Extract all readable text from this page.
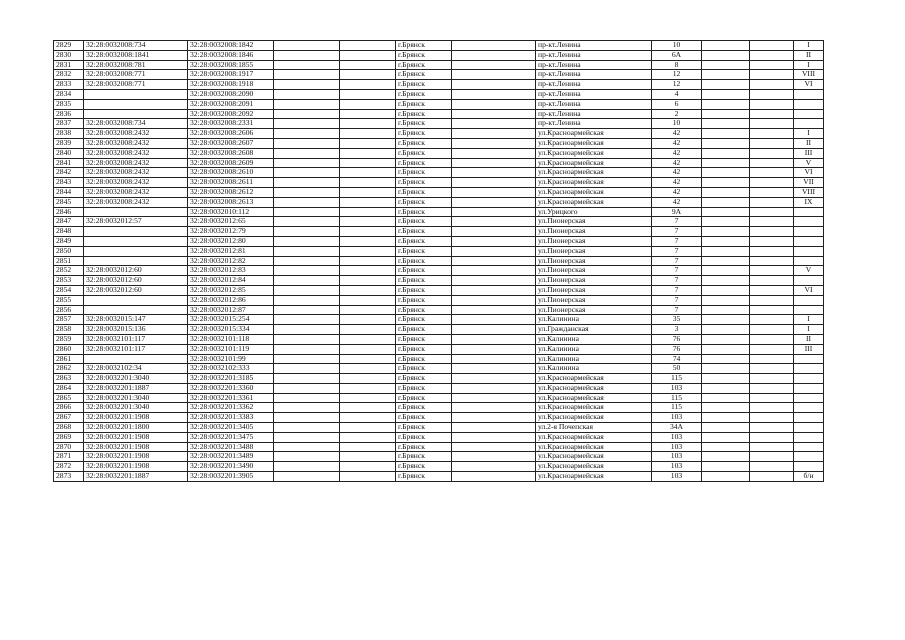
2829	32:28:0032008:734	32:28:0032008:1842			г.Брянск		пр-кт.Ленина	10			I
2830	32:28:0032008:1841	32:28:0032008:1846			г.Брянск		пр-кт.Ленина	6А			II
2831	32:28:0032008:781	32:28:0032008:1855			г.Брянск		пр-кт.Ленина	8			I
2832	32:28:0032008:771	32:28:0032008:1917			г.Брянск		пр-кт.Ленина	12			VIII
2833	32:28:0032008:771	32:28:0032008:1918			г.Брянск		пр-кт.Ленина	12			VI
2834		32:28:0032008:2090			г.Брянск		пр-кт.Ленина	4			
2835		32:28:0032008:2091			г.Брянск		пр-кт.Ленина	6			
2836		32:28:0032008:2092			г.Брянск		пр-кт.Ленина	2			
2837	32:28:0032008:734	32:28:0032008:2331			г.Брянск		пр-кт.Ленина	10			
2838	32:28:0032008:2432	32:28:0032008:2606			г.Брянск		ул.Красноармейская	42			I
2839	32:28:0032008:2432	32:28:0032008:2607			г.Брянск		ул.Красноармейская	42			II
2840	32:28:0032008:2432	32:28:0032008:2608			г.Брянск		ул.Красноармейская	42			III
2841	32:28:0032008:2432	32:28:0032008:2609			г.Брянск		ул.Красноармейская	42			V
2842	32:28:0032008:2432	32:28:0032008:2610			г.Брянск		ул.Красноармейская	42			VI
2843	32:28:0032008:2432	32:28:0032008:2611			г.Брянск		ул.Красноармейская	42			VII
2844	32:28:0032008:2432	32:28:0032008:2612			г.Брянск		ул.Красноармейская	42			VIII
2845	32:28:0032008:2432	32:28:0032008:2613			г.Брянск		ул.Красноармейская	42			IX
2846		32:28:0032010:112			г.Брянск		ул.Урицкого	9А			
2847	32:28:0032012:57	32:28:0032012:65			г.Брянск		ул.Пионерская	7			
2848		32:28:0032012:79			г.Брянск		ул.Пионерская	7			
2849		32:28:0032012:80			г.Брянск		ул.Пионерская	7			
2850		32:28:0032012:81			г.Брянск		ул.Пионерская	7			
2851		32:28:0032012:82			г.Брянск		ул.Пионерская	7			
2852	32:28:0032012:60	32:28:0032012:83			г.Брянск		ул.Пионерская	7			V
2853	32:28:0032012:60	32:28:0032012:84			г.Брянск		ул.Пионерская	7			
2854	32:28:0032012:60	32:28:0032012:85			г.Брянск		ул.Пионерская	7			VI
2855		32:28:0032012:86			г.Брянск		ул.Пионерская	7			
2856		32:28:0032012:87			г.Брянск		ул.Пионерская	7			
2857	32:28:0032015:147	32:28:0032015:254			г.Брянск		ул.Калинина	35			I
2858	32:28:0032015:136	32:28:0032015:334			г.Брянск		ул.Гражданская	3			I
2859	32:28:0032101:117	32:28:0032101:118			г.Брянск		ул.Калинина	76			II
2860	32:28:0032101:117	32:28:0032101:119			г.Брянск		ул.Калинина	76			III
2861		32:28:0032101:99			г.Брянск		ул.Калинина	74			
2862	32:28:0032102:34	32:28:0032102:333			г.Брянск		ул.Калинина	50			
2863	32:28:0032201:3040	32:28:0032201:3185			г.Брянск		ул.Красноармейская	115			
2864	32:28:0032201:1887	32:28:0032201:3360			г.Брянск		ул.Красноармейская	103			
2865	32:28:0032201:3040	32:28:0032201:3361			г.Брянск		ул.Красноармейская	115			
2866	32:28:0032201:3040	32:28:0032201:3362			г.Брянск		ул.Красноармейская	115			
2867	32:28:0032201:1908	32:28:0032201:3383			г.Брянск		ул.Красноармейская	103			
2868	32:28:0032201:1800	32:28:0032201:3405			г.Брянск		ул.2-я Почепская	34А			
2869	32:28:0032201:1908	32:28:0032201:3475			г.Брянск		ул.Красноармейская	103			
2870	32:28:0032201:1908	32:28:0032201:3488			г.Брянск		ул.Красноармейская	103			
2871	32:28:0032201:1908	32:28:0032201:3489			г.Брянск		ул.Красноармейская	103			
2872	32:28:0032201:1908	32:28:0032201:3490			г.Брянск		ул.Красноармейская	103			
2873	32:28:0032201:1887	32:28:0032201:3905			г.Брянск		ул.Красноармейская	103			б/н
